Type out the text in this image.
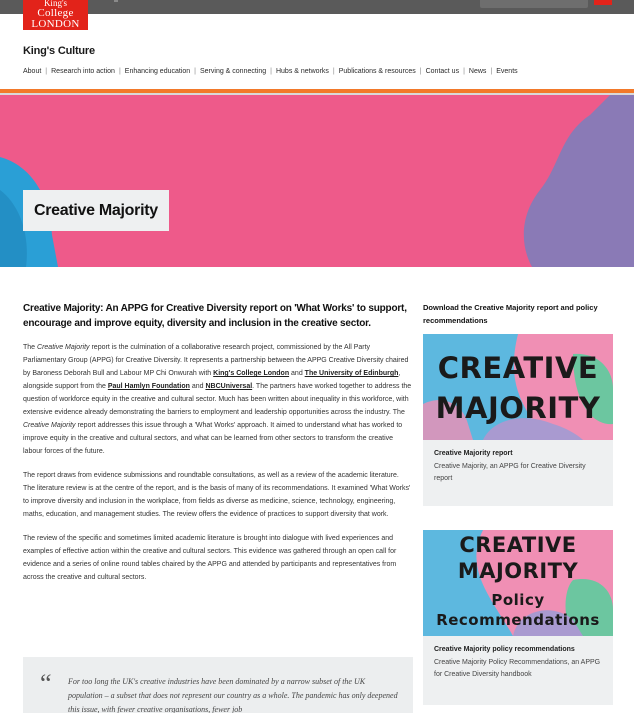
King's
College
LONDON
King's Culture
About | Research into action | Enhancing education | Serving & connecting | Hubs & networks | Publications & resources | Contact us | News | Events
Creative Majority
Creative Majority: An APPG for Creative Diversity report on 'What Works' to support, encourage and improve equity, diversity and inclusion in the creative sector.

The Creative Majority report is the culmination of a collaborative research project, commissioned by the All Party Parliamentary Group (APPG) for Creative Diversity. It represents a partnership between the APPG Creative Diversity chaired by Baroness Deborah Bull and Labour MP Chi Onwurah with King's College London and The University of Edinburgh, alongside support from the Paul Hamlyn Foundation and NBCUniversal. The partners have worked together to address the question of workforce equity in the creative and cultural sector. Much has been written about inequality in this workforce, with extensive evidence already demonstrating the barriers to employment and leadership opportunities across the industry. The Creative Majority report addresses this issue through a 'What Works' approach. It aimed to understand what has worked to improve equity in the creative and cultural sectors, and what can be learned from other sectors to transform the creative labour forces of the future.

The report draws from evidence submissions and roundtable consultations, as well as a review of the academic literature. The literature review is at the centre of the report, and is the basis of many of its recommendations. It examined 'What Works' to improve diversity and inclusion in the workplace, from fields as diverse as medicine, science, technology, engineering, maths, education, and management studies. The review offers the evidence of practices to support diversity that work.

The review of the specific and sometimes limited academic literature is brought into dialogue with lived experiences and examples of effective action within the creative and cultural sectors. This evidence was gathered through an open call for evidence and a series of online round tables chaired by the APPG and attended by participants and representatives from across the creative and cultural sectors.

“ For too long the UK's creative industries have been dominated by a narrow subset of the UK population – a subset that does not represent our country as a whole. The pandemic has only deepened this issue, with fewer creative organisations, fewer job
Download the Creative Majority report and policy recommendations
CREATIVE
MAJORITY
Creative Majority report
Creative Majority, an APPG for Creative Diversity report
CREATIVE
MAJORITY
Policy
Recommendations
Creative Majority policy recommendations
Creative Majority Policy Recommendations, an APPG for Creative Diversity handbook
